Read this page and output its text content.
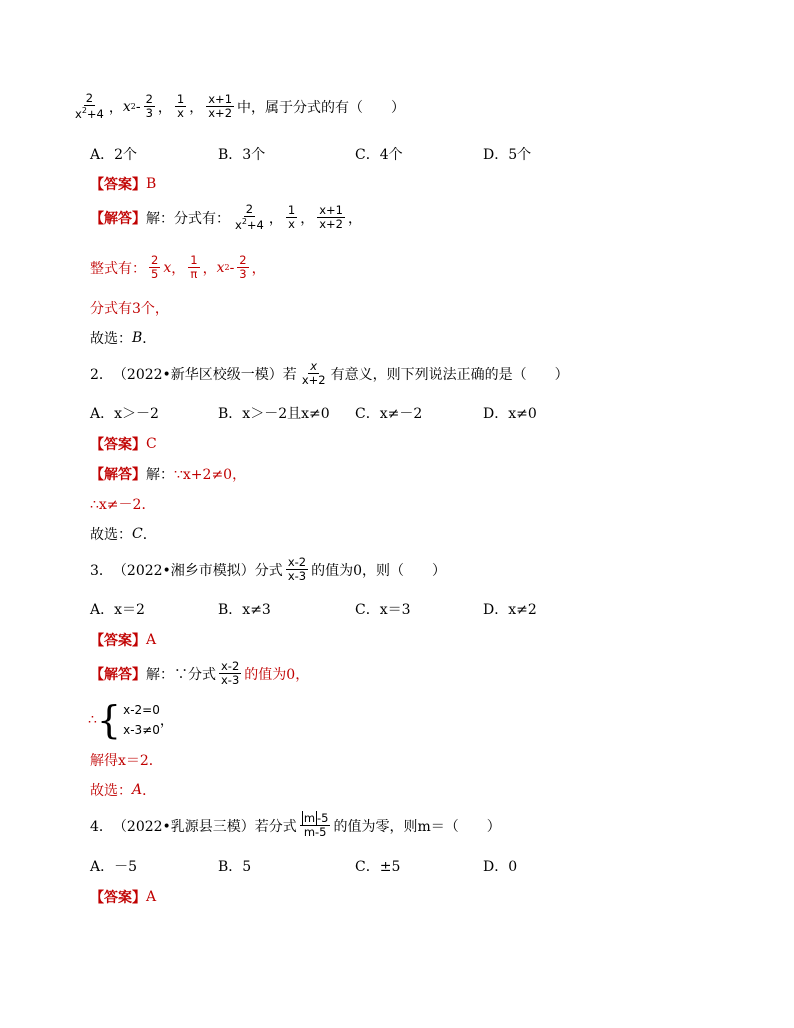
$\frac{2}{x^2+4}$ ， x $2 - \frac{2}{3}$ ， $\frac{1}{x}$ ， $\frac{x+1}{x+2}$ 中，属于分式的有（　　）
A．2个	B．3个	C．4个	D．5个
【答案】 B
【解答】 解：分式有： $\frac{2}{x^2+4}$ ， $\frac{1}{x}$ ， $\frac{x+1}{x+2}$ ，
整式有： $\frac{2}{5}$ x ， $\frac{1}{\pi}$ ， x $2 - \frac{2}{3}$ ，
分式有3个，
故选： B ．
2． （2022•新华区校级一模）若 $\frac{x}{x+2}$ 有意义，则下列说法正确的是（　　）
A．x＞－2	B．x＞－2且x≠0 C．x≠－2	D．x≠0
【答案】 C
【解答】 解： ∵x+2≠0，
∴x≠－2．
故选： C ．
3． （2022•湘乡市模拟）分式 $\frac{x-2}{x-3}$ 的值为0，则（　　）
A．x＝2	B．x≠3	C．x＝3	D．x≠2
【答案】 A
【解答】 解：∵分式 $\frac{x-2}{x-3}$ 的值为0，
∴ { x-2=0
x-3≠0
，
解得x＝2．
故选： A ．
4． （2022•乳源县三模）若分式 $\frac{m -5}{m-5}$ 的值为零，则m＝（　　）
A．－5	B．5	C．±5	D．0
【答案】 A
